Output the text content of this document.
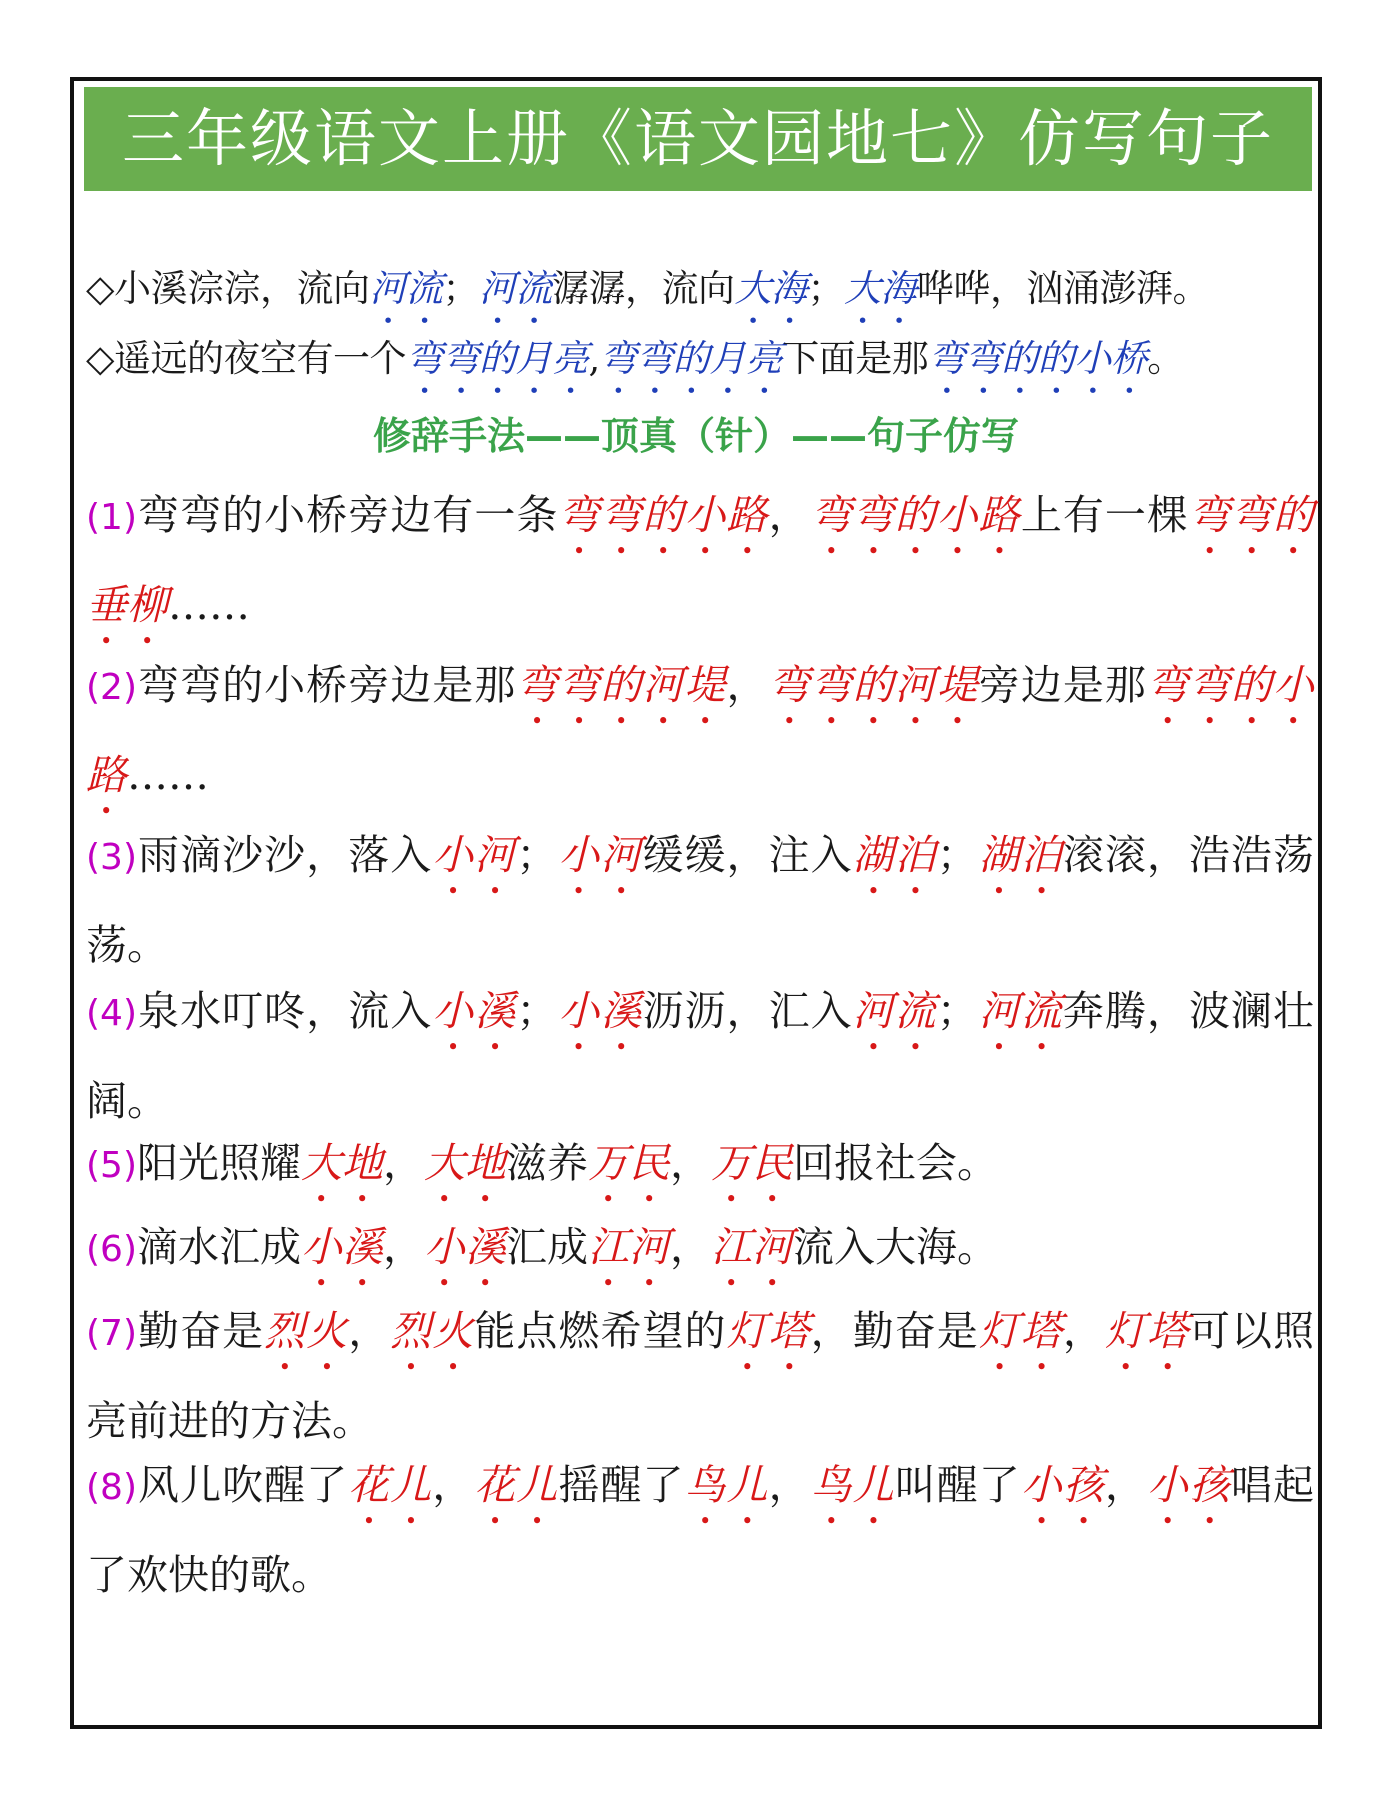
三年级语文上册《语文园地七》仿写句子
◇小溪淙淙，流向河流；河流潺潺，流向大海；大海哗哗，汹涌澎湃。
◇遥远的夜空有一个弯弯的月亮,弯弯的月亮下面是那弯弯的的小桥。
修辞手法——顶真（针）——句子仿写
(1)弯弯的小桥旁边有一条弯弯的小路，弯弯的小路上有一棵弯弯的垂柳……
(2)弯弯的小桥旁边是那弯弯的河堤，弯弯的河堤旁边是那弯弯的小路……
(3)雨滴沙沙，落入小河；小河缓缓，注入湖泊；湖泊滚滚，浩浩荡荡。
(4)泉水叮咚，流入小溪；小溪沥沥，汇入河流；河流奔腾，波澜壮阔。
(5)阳光照耀大地，大地滋养万民，万民回报社会。
(6)滴水汇成小溪，小溪汇成江河，江河流入大海。
(7)勤奋是烈火，烈火能点燃希望的灯塔，勤奋是灯塔，灯塔可以照亮前进的方法。
(8)风儿吹醒了花儿，花儿摇醒了鸟儿，鸟儿叫醒了小孩，小孩唱起了欢快的歌。
